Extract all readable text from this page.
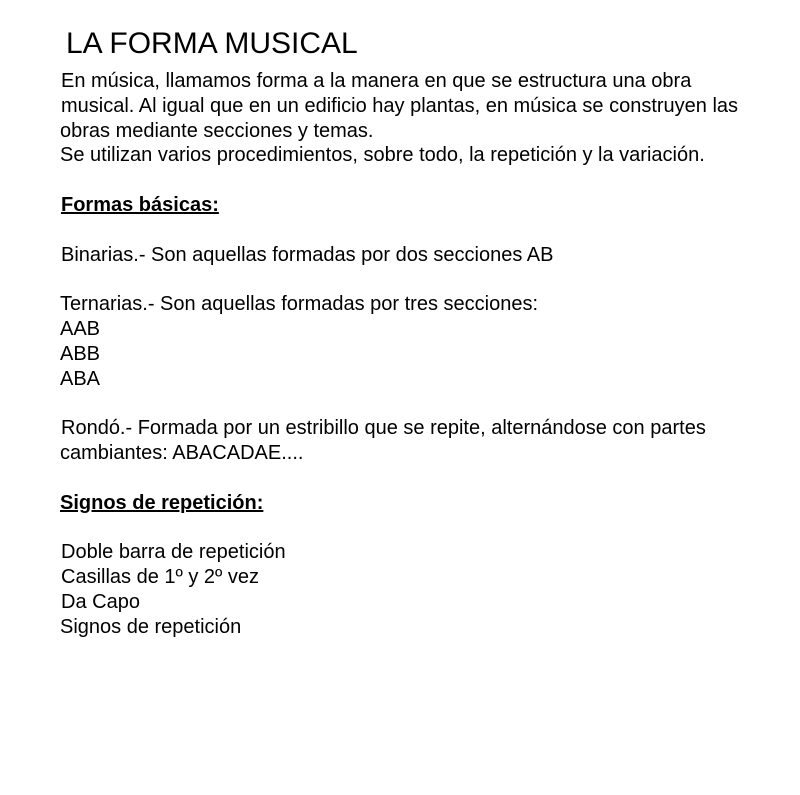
LA FORMA MUSICAL
En música, llamamos forma a la manera en que se estructura una obra
musical. Al igual que en un edificio hay plantas, en música se construyen las
obras mediante secciones y temas.
Se utilizan varios procedimientos, sobre todo, la repetición y la variación.
Formas básicas:
Binarias.- Son aquellas formadas por dos secciones AB
Ternarias.- Son aquellas formadas por tres secciones:
AAB
ABB
ABA
Rondó.- Formada por un estribillo que se repite, alternándose con partes
cambiantes: ABACADAE....
Signos de repetición:
Doble barra de repetición
Casillas de 1º y 2º vez
Da Capo
Signos de repetición
